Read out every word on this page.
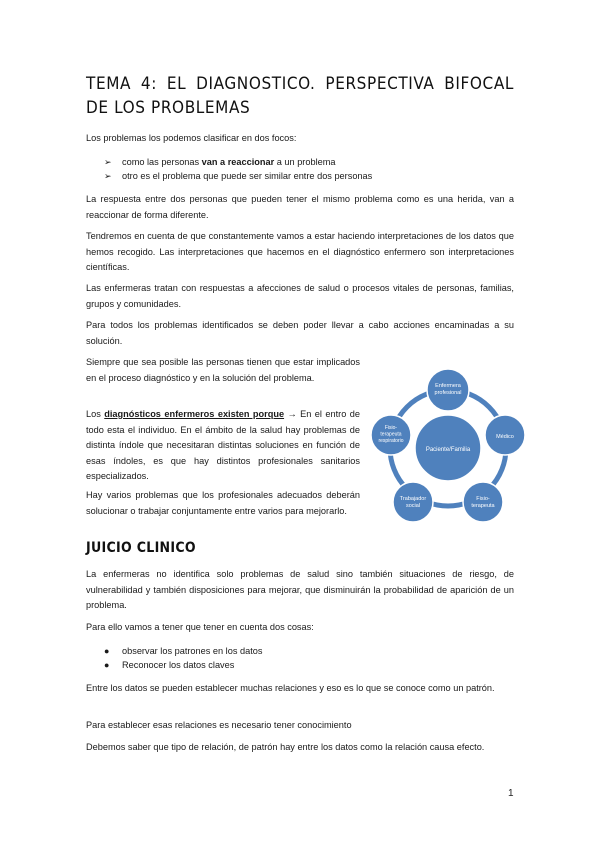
TEMA 4: EL DIAGNOSTICO. PERSPECTIVA BIFOCAL DE LOS PROBLEMAS

Los problemas los podemos clasificar en dos focos:

➢ como las personas van a reaccionar a un problema
➢ otro es el problema que puede ser similar entre dos personas

La respuesta entre dos personas que pueden tener el mismo problema como es una herida, van a reaccionar de forma diferente.

Tendremos en cuenta de que constantemente vamos a estar haciendo interpretaciones de los datos que hemos recogido. Las interpretaciones que hacemos en el diagnóstico enfermero son interpretaciones científicas.

Las enfermeras tratan con respuestas a afecciones de salud o procesos vitales de personas, familias, grupos y comunidades.

Para todos los problemas identificados se deben poder llevar a cabo acciones encaminadas a su solución.

Siempre que sea posible las personas tienen que estar implicados en el proceso diagnóstico y en la solución del problema.

Los diagnósticos enfermeros existen porque → En el entro de todo esta el individuo. En el ámbito de la salud hay problemas de distinta índole que necesitaran distintas soluciones en función de esas índoles, es que hay distintos profesionales sanitarios especializados.

Hay varios problemas que los profesionales adecuados deberán solucionar o trabajar conjuntamente entre varios para mejorarlo.

Paciente/Familia
Enfermera profesional
Médico
Fisio-terapeuta
Trabajador social
Fisio-terapeuta respiratorio
JUICIO CLINICO

La enfermeras no identifica solo problemas de salud sino también situaciones de riesgo, de vulnerabilidad y también disposiciones para mejorar, que disminuirán la probabilidad de aparición de un problema.

Para ello vamos a tener que tener en cuenta dos cosas:

● observar los patrones en los datos
● Reconocer los datos claves

Entre los datos se pueden establecer muchas relaciones y eso es lo que se conoce como un patrón.

Para establecer esas relaciones es necesario tener conocimiento

Debemos saber que tipo de relación, de patrón hay entre los datos como la relación causa efecto.

1
